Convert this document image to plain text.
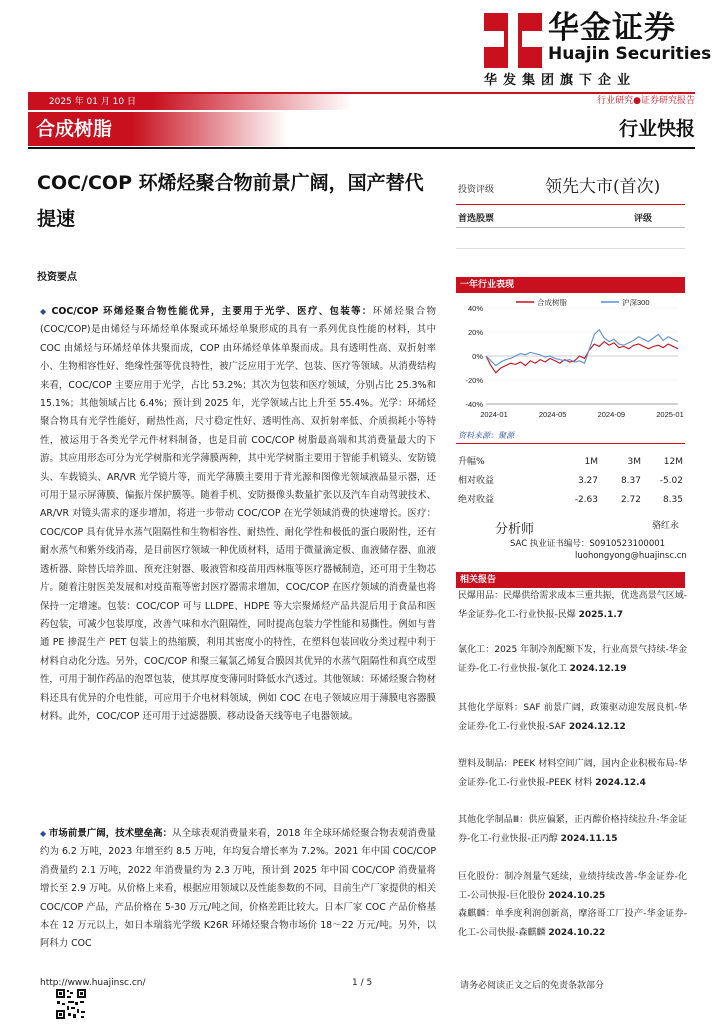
华金证券
Huajin Securities
华发集团旗下企业
2025 年 01 月 10 日	行业研究●证券研究报告
合成树脂	行业快报
COC/COP 环烯烃聚合物前景广阔，国产替代提速
投资要点
◆ COC/COP 环烯烃聚合物性能优异，主要用于光学、医疗、包装等：环烯烃聚合物(COC/COP)是由烯烃与环烯烃单体聚或环烯烃单聚形成的具有一系列优良性能的材料，其中 COC 由烯烃与环烯烃单体共聚而成，COP 由环烯烃单体单聚而成。具有透明性高、双折射率小、生物相容性好、绝缘性强等优良特性，被广泛应用于光学、包装、医疗等领域。从消费结构来看，COC/COP 主要应用于光学，占比 53.2%；其次为包装和医疗领域，分别占比 25.3%和 15.1%；其他领域占比 6.4%；预计到 2025 年，光学领域占比上升至 55.4%。光学：环烯烃聚合物具有光学性能好，耐热性高，尺寸稳定性好、透明性高、双折射率低、介质损耗小等特性，被运用于各类光学元件材料制备，也是目前 COC/COP 树脂最高端和其消费量最大的下游。其应用形态可分为光学树脂和光学薄膜两种，其中光学树脂主要用于智能手机镜头、安防镜头、车载镜头、AR/VR 光学镜片等，而光学薄膜主要用于背光源和图像光领域液晶显示器，还可用于显示屏薄膜、偏振片保护膜等。随着手机、安防摄像头数量扩张以及汽车自动驾驶技术、AR/VR 对镜头需求的逐步增加，将进一步带动 COC/COP 在光学领域消费的快速增长。医疗：COC/COP 具有优异水蒸气阻隔性和生物相容性、耐热性、耐化学性和极低的蛋白吸附性，还有耐水蒸气和紫外线消毒，是目前医疗领域一种优质材料，适用于微量滴定板、血液储存器、血液透析器、除替氏培养皿、预充注射器、吸液管和疫苗用西林瓶等医疗器械制造，还可用于生物芯片。随着注射医美发展和对疫苗瓶等密封医疗器需求增加，COC/COP 在医疗领域的消费量也将保持一定增速。包装：COC/COP 可与 LLDPE、HDPE 等大宗聚烯烃产品共混后用于食品和医药包装，可减少包装厚度，改善气味和水汽阻隔性，同时提高包装力学性能和易撕性。例如与普通 PE 掺混生产 PET 包装上的热缩膜，利用其密度小的特性，在塑料包装回收分类过程中利于材料自动化分选。另外，COC/COP 和聚三氟氯乙烯复合膜因其优异的水蒸气阻隔性和真空成型性，可用于制作药品的泡罩包装，使其厚度变薄同时降低水汽透过。其他领域：环烯烃聚合物材料还具有优异的介电性能，可应用于介电材料领域，例如 COC 在电子领域应用于薄膜电容器膜材料。此外，COC/COP 还可用于过滤器膜、移动设备天线等电子电器领域。
◆ 市场前景广阔，技术壁垒高：从全球表观消费量来看，2018 年全球环烯烃聚合物表观消费量约为 6.2 万吨，2023 年增至约 8.5 万吨，年均复合增长率为 7.2%。2021 年中国 COC/COP 消费量约 2.1 万吨，2022 年消费量约为 2.3 万吨，预计到 2025 年中国 COC/COP 消费量将增长至 2.9 万吨。从价格上来看，根据应用领域以及性能参数的不同，目前生产厂家提供的相关 COC/COP 产品，产品价格在 5-30 万元/吨之间，价格差距比较大。日本厂家 COC 产品价格基本在 12 万元以上，如日本瑞翁光学级 K26R 环烯烃聚合物市场价 18～22 万元/吨。另外，以阿科力 COC
投资评级	领先大市(首次)
首选股票	评级
一年行业表现
40%
20%
0%
-20%
-40%
2024-01	2024-05	2024-09	2025-01
合成树脂	沪深300
资料来源：聚源
升幅%	1M	3M	12M
相对收益	3.27	8.37	-5.02
绝对收益	-2.63	2.72	8.35
分析师	骆红永
SAC 执业证书编号：S0910523100001
luohongyong@huajinsc.cn
相关报告
民爆用品：民爆供给需求成本三重共振，优选高景气区域-华金证券-化工-行业快报-民爆 2025.1.7
氯化工：2025 年制冷剂配额下发，行业高景气持续-华金证券-化工-行业快报-氯化工 2024.12.19
其他化学原料：SAF 前景广阔，政策驱动迎发展良机-华金证券-化工-行业快报-SAF 2024.12.12
塑料及制品：PEEK 材料空间广阔，国内企业积极布局-华金证券-化工-行业快报-PEEK 材料 2024.12.4
其他化学制品Ⅲ：供应偏紧，正丙醇价格持续拉升-华金证券-化工-行业快报-正丙醇 2024.11.15
巨化股份：制冷剂量气延续，业绩持续改善-华金证券-化工-公司快报-巨化股份 2024.10.25
森麒麟：单季度利润创新高，摩洛哥工厂投产-华金证券-化工-公司快报-森麒麟 2024.10.22
http://www.huajinsc.cn/	1 / 5	请务必阅读正文之后的免责条款部分
